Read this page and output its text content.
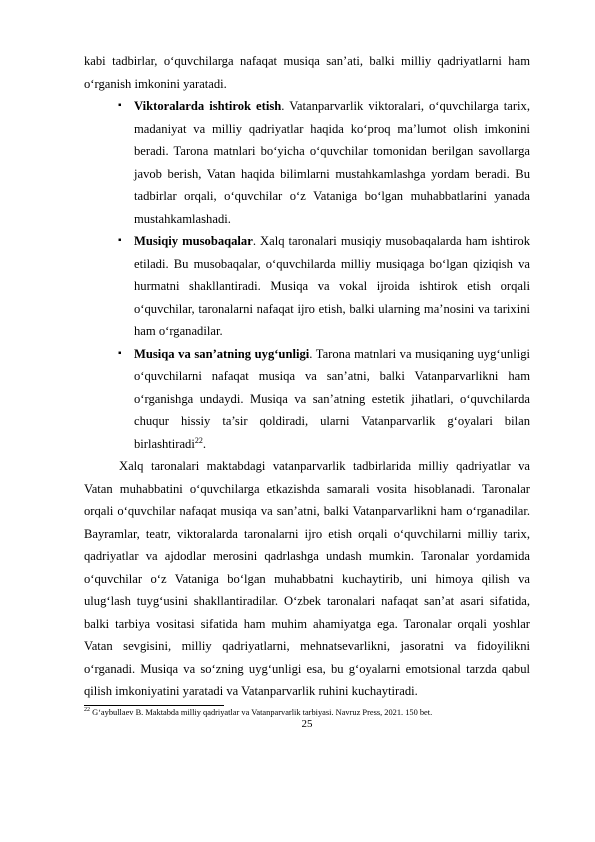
kabi tadbirlar, o‘quvchilarga nafaqat musiqa san’ati, balki milliy qadriyatlarni ham o‘rganish imkonini yaratadi.

▪ Viktoralarda ishtirok etish. Vatanparvarlik viktoralari, o‘quvchilarga tarix, madaniyat va milliy qadriyatlar haqida ko‘proq ma’lumot olish imkonini beradi. Tarona matnlari bo‘yicha o‘quvchilar tomonidan berilgan savollarga javob berish, Vatan haqida bilimlarni mustahkamlashga yordam beradi. Bu tadbirlar orqali, o‘quvchilar o‘z Vataniga bo‘lgan muhabbatlarini yanada mustahkamlashadi.

▪ Musiqiy musobaqalar. Xalq taronalari musiqiy musobaqalarda ham ishtirok etiladi. Bu musobaqalar, o‘quvchilarda milliy musiqaga bo‘lgan qiziqish va hurmatni shakllantiradi. Musiqa va vokal ijroida ishtirok etish orqali o‘quvchilar, taronalarni nafaqat ijro etish, balki ularning ma’nosini va tarixini ham o‘rganadilar.

▪ Musiqa va san’atning uyg‘unligi. Tarona matnlari va musiqaning uyg‘unligi o‘quvchilarni nafaqat musiqa va san’atni, balki Vatanparvarlikni ham o‘rganishga undaydi. Musiqa va san’atning estetik jihatlari, o‘quvchilarda chuqur hissiy ta’sir qoldiradi, ularni Vatanparvarlik g‘oyalari bilan birlashtiradi$^{22}$.

Xalq taronalari maktabdagi vatanparvarlik tadbirlarida milliy qadriyatlar va Vatan muhabbatini o‘quvchilarga etkazishda samarali vosita hisoblanadi. Taronalar orqali o‘quvchilar nafaqat musiqa va san’atni, balki Vatanparvarlikni ham o‘rganadilar. Bayramlar, teatr, viktoralarda taronalarni ijro etish orqali o‘quvchilarni milliy tarix, qadriyatlar va ajdodlar merosini qadrlashga undash mumkin. Taronalar yordamida o‘quvchilar o‘z Vataniga bo‘lgan muhabbatni kuchaytirib, uni himoya qilish va ulug‘lash tuyg‘usini shakllantiradilar. O‘zbek taronalari nafaqat san’at asari sifatida, balki tarbiya vositasi sifatida ham muhim ahamiyatga ega. Taronalar orqali yoshlar Vatan sevgisini, milliy qadriyatlarni, mehnatsevarlikni, jasoratni va fidoyilikni o‘rganadi. Musiqa va so‘zning uyg‘unligi esa, bu g‘oyalarni emotsional tarzda qabul qilish imkoniyatini yaratadi va Vatanparvarlik ruhini kuchaytiradi.

$^{22}$ G‘aybullaev B. Maktabda milliy qadriyatlar va Vatanparvarlik tarbiyasi. Navruz Press, 2021. 150 bet.

25
